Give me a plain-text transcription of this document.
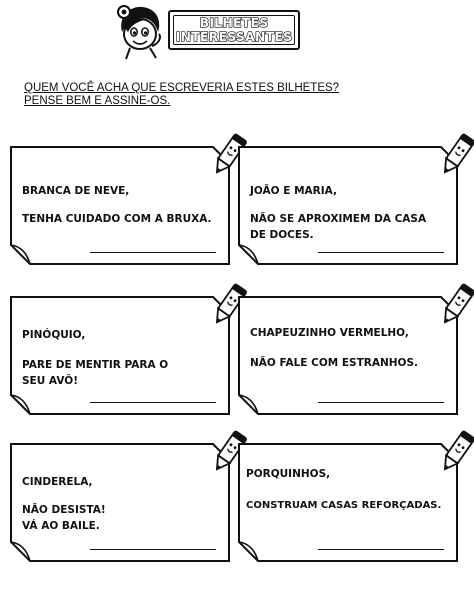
BILHETES
INTERESSANTES
QUEM VOCÊ ACHA QUE ESCREVERIA ESTES BILHETES?
PENSE BEM E ASSINE-OS.
BRANCA DE NEVE,
TENHA CUIDADO COM A BRUXA.
JOÃO E MARIA,
NÃO SE APROXIMEM DA CASA
DE DOCES.
PINÓQUIO,
PARE DE MENTIR PARA O
SEU AVÔ!
CHAPEUZINHO VERMELHO,
NÃO FALE COM ESTRANHOS.
CINDERELA,
NÃO DESISTA!
VÁ AO BAILE.
PORQUINHOS,
CONSTRUAM CASAS REFORÇADAS.
